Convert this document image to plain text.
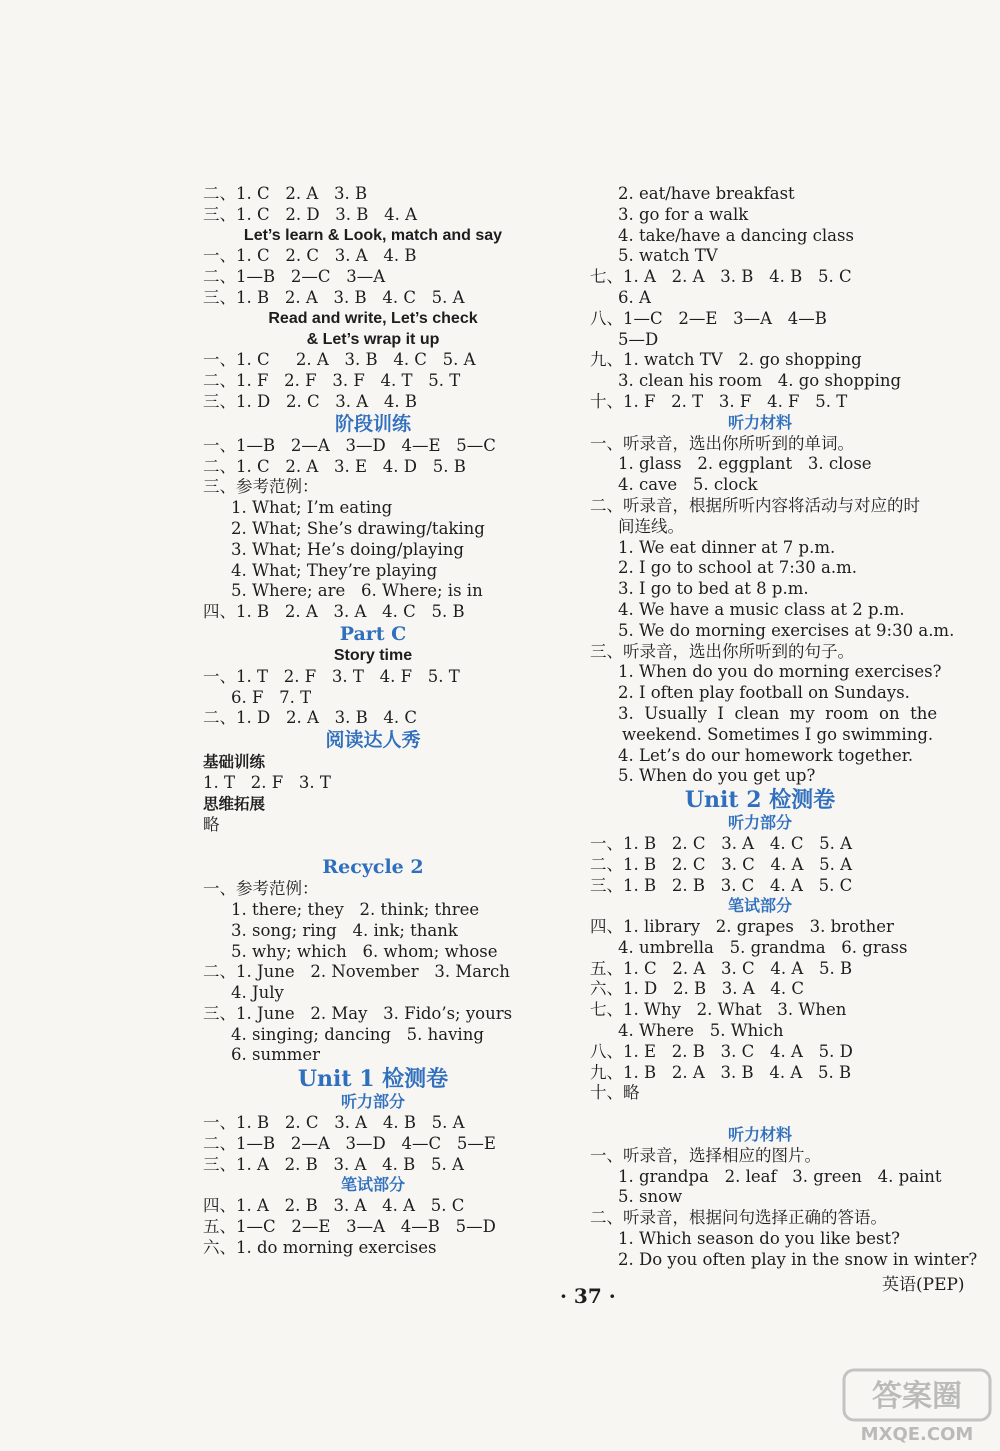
二、1. C   2. A   3. B
三、1. C   2. D   3. B   4. A
Let’s learn & Look, match and say
一、1. C   2. C   3. A   4. B
二、1—B   2—C   3—A
三、1. B   2. A   3. B   4. C   5. A
Read and write, Let’s check
& Let’s wrap it up
一、1. C     2. A   3. B   4. C   5. A
二、1. F   2. F   3. F   4. T   5. T
三、1. D   2. C   3. A   4. B
阶段训练
一、1—B   2—A   3—D   4—E   5—C
二、1. C   2. A   3. E   4. D   5. B
三、参考范例：
1. What; I’m eating
2. What; She’s drawing/taking
3. What; He’s doing/playing
4. What; They’re playing
5. Where; are   6. Where; is in
四、1. B   2. A   3. A   4. C   5. B
Part C
Story time
一、1. T   2. F   3. T   4. F   5. T
6. F   7. T
二、1. D   2. A   3. B   4. C
阅读达人秀
基础训练
1. T   2. F   3. T
思维拓展
略
Recycle 2
一、参考范例：
1. there; they   2. think; three
3. song; ring   4. ink; thank
5. why; which   6. whom; whose
二、1. June   2. November   3. March
4. July
三、1. June   2. May   3. Fido’s; yours
4. singing; dancing   5. having
6. summer
Unit 1 检测卷
听力部分
一、1. B   2. C   3. A   4. B   5. A
二、1—B   2—A   3—D   4—C   5—E
三、1. A   2. B   3. A   4. B   5. A
笔试部分
四、1. A   2. B   3. A   4. A   5. C
五、1—C   2—E   3—A   4—B   5—D
六、1. do morning exercises
2. eat/have breakfast
3. go for a walk
4. take/have a dancing class
5. watch TV
七、1. A   2. A   3. B   4. B   5. C
6. A
八、1—C   2—E   3—A   4—B
5—D
九、1. watch TV   2. go shopping
3. clean his room   4. go shopping
十、1. F   2. T   3. F   4. F   5. T
听力材料
一、听录音，选出你所听到的单词。
1. glass   2. eggplant   3. close
4. cave   5. clock
二、听录音，根据所听内容将活动与对应的时
间连线。
1. We eat dinner at 7 p.m.
2. I go to school at 7:30 a.m.
3. I go to bed at 8 p.m.
4. We have a music class at 2 p.m.
5. We do morning exercises at 9:30 a.m.
三、听录音，选出你所听到的句子。
1. When do you do morning exercises?
2. I often play football on Sundays.
3.  Usually  I  clean  my  room  on  the
weekend. Sometimes I go swimming.
4. Let’s do our homework together.
5. When do you get up?
Unit 2 检测卷
听力部分
一、1. B   2. C   3. A   4. C   5. A
二、1. B   2. C   3. C   4. A   5. A
三、1. B   2. B   3. C   4. A   5. C
笔试部分
四、1. library   2. grapes   3. brother
4. umbrella   5. grandma   6. grass
五、1. C   2. A   3. C   4. A   5. B
六、1. D   2. B   3. A   4. C
七、1. Why   2. What   3. When
4. Where   5. Which
八、1. E   2. B   3. C   4. A   5. D
九、1. B   2. A   3. B   4. A   5. B
十、略
听力材料
一、听录音，选择相应的图片。
1. grandpa   2. leaf   3. green   4. paint
5. snow
二、听录音，根据问句选择正确的答语。
1. Which season do you like best?
2. Do you often play in the snow in winter?
· 37 ·	英语(PEP)
答案圈
MXQE.COM
